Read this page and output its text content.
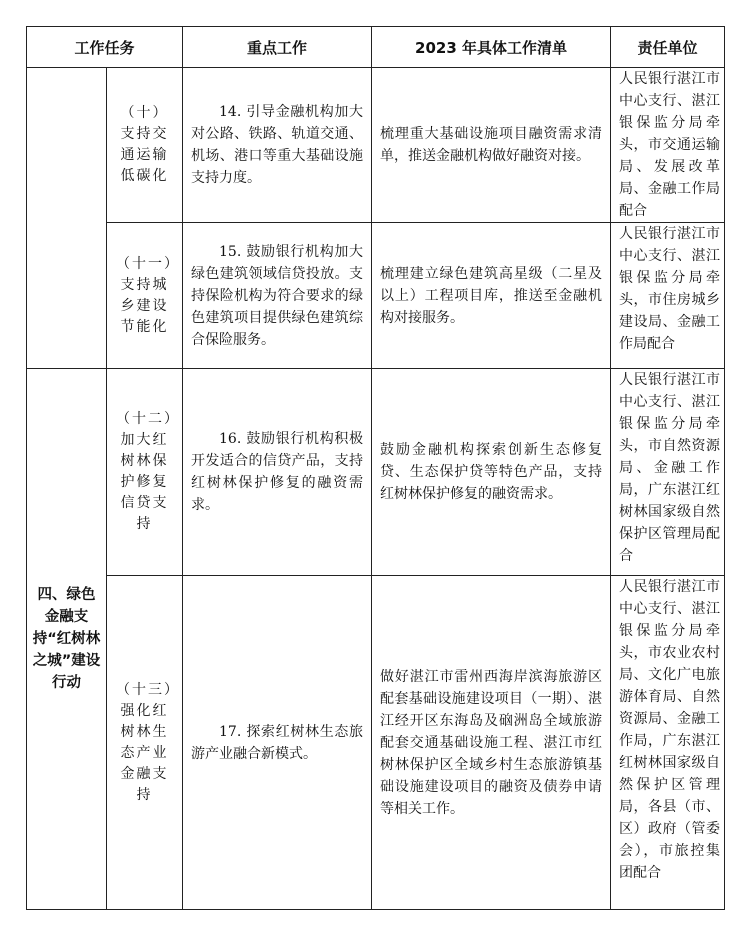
工作任务		重点工作	2023 年具体工作清单	责任单位
	（十）支持交通运输低碳化	14. 引导金融机构加大对公路、铁路、轨道交通、机场、港口等重大基础设施支持力度。	梳理重大基础设施项目融资需求清单，推送金融机构做好融资对接。	人民银行湛江市中心支行、湛江银保监分局牵头，市交通运输局、发展改革局、金融工作局配合
	（十一）支持城乡建设节能化	15. 鼓励银行机构加大绿色建筑领域信贷投放。支持保险机构为符合要求的绿色建筑项目提供绿色建筑综合保险服务。	梳理建立绿色建筑高星级（二星及以上）工程项目库，推送至金融机构对接服务。	人民银行湛江市中心支行、湛江银保监分局牵头，市住房城乡建设局、金融工作局配合
四、绿色金融支持“红树林之城”建设行动	（十二）加大红树林保护修复信贷支持	16. 鼓励银行机构积极开发适合的信贷产品，支持红树林保护修复的融资需求。	鼓励金融机构探索创新生态修复贷、生态保护贷等特色产品，支持红树林保护修复的融资需求。	人民银行湛江市中心支行、湛江银保监分局牵头，市自然资源局、金融工作局，广东湛江红树林国家级自然保护区管理局配合
	（十三）强化红树林生态产业金融支持	17. 探索红树林生态旅游产业融合新模式。	做好湛江市雷州西海岸滨海旅游区配套基础设施建设项目（一期）、湛江经开区东海岛及硇洲岛全域旅游配套交通基础设施工程、湛江市红树林保护区全域乡村生态旅游镇基础设施建设项目的融资及债券申请等相关工作。	人民银行湛江市中心支行、湛江银保监分局牵头，市农业农村局、文化广电旅游体育局、自然资源局、金融工作局，广东湛江红树林国家级自然保护区管理局，各县（市、区）政府（管委会），市旅控集团配合
